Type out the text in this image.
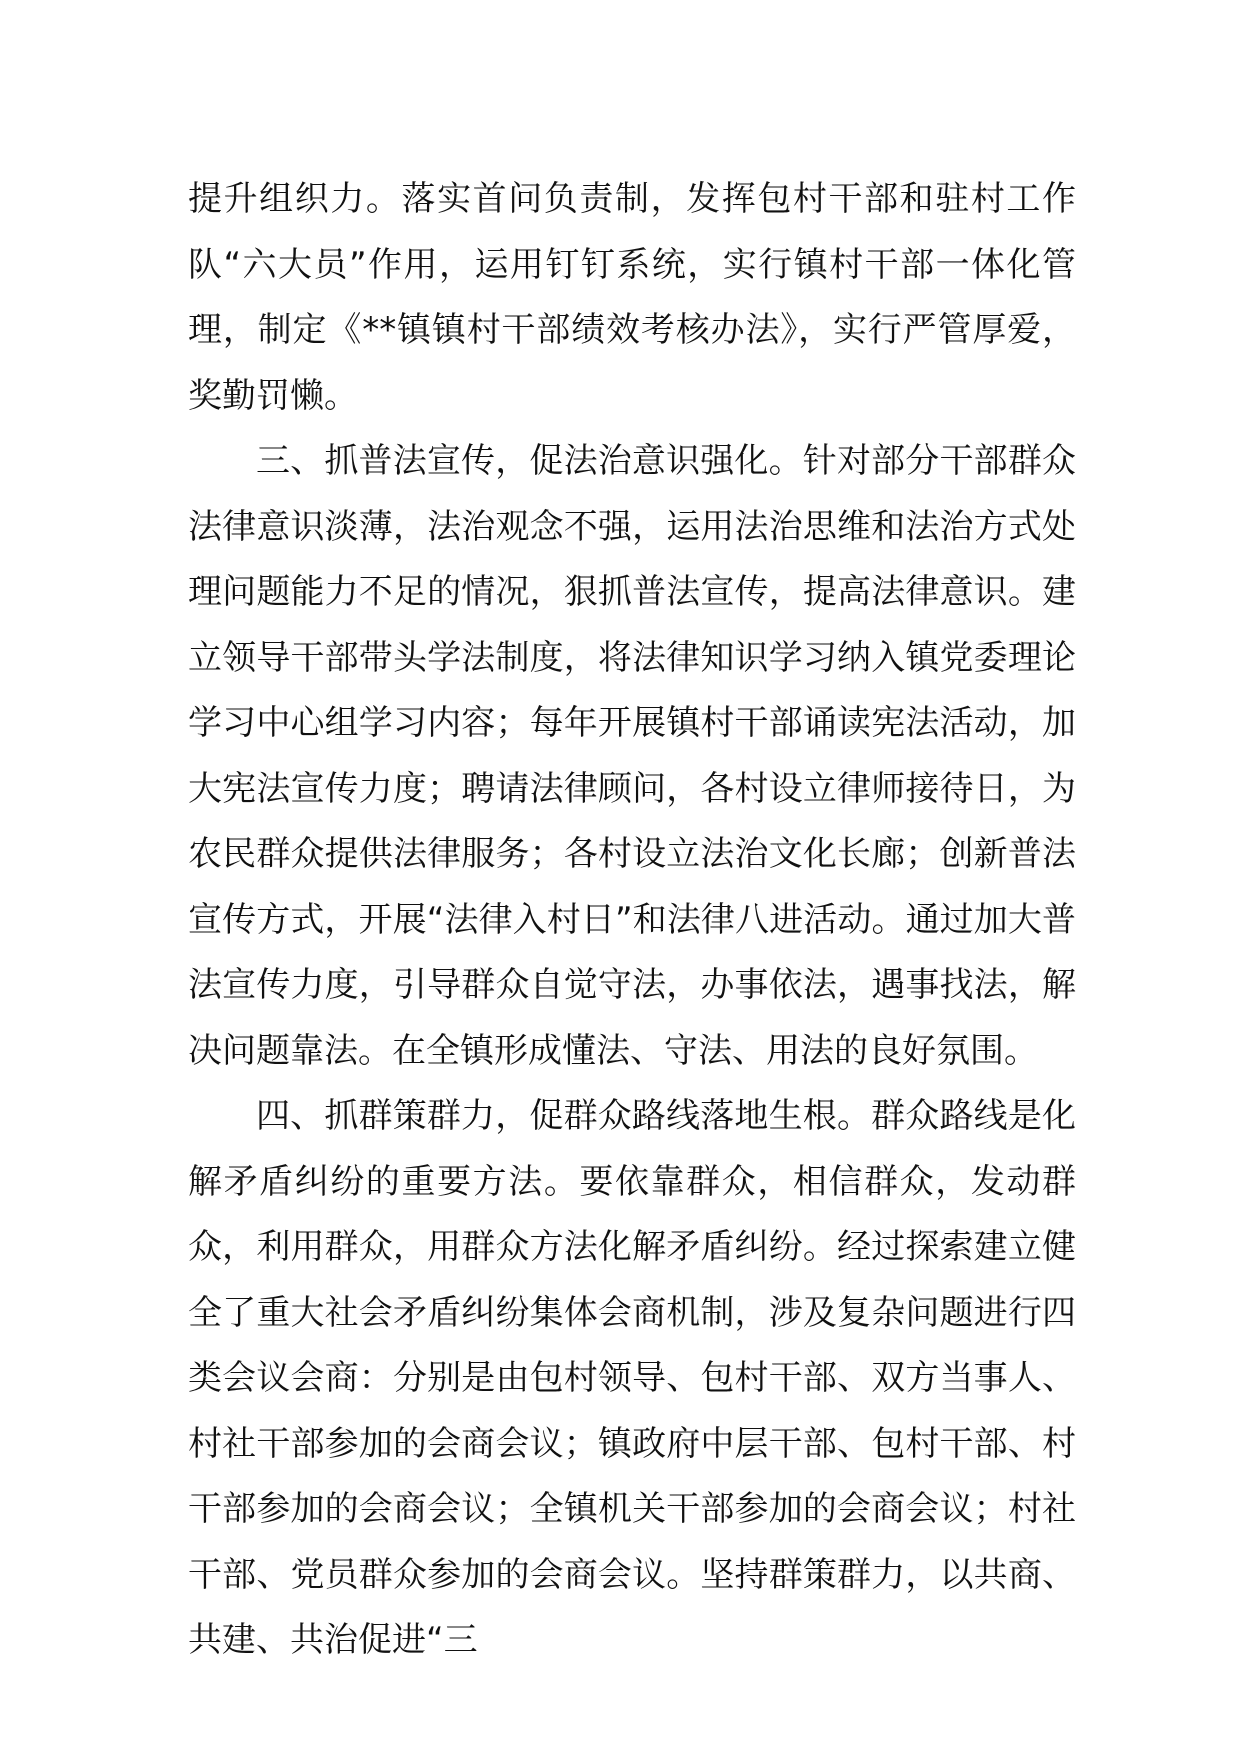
提升组织力。落实首问负责制，发挥包村干部和驻村工作队“六大员”作用，运用钉钉系统，实行镇村干部一体化管理，制定《**镇镇村干部绩效考核办法》，实行严管厚爱，奖勤罚懒。

三、抓普法宣传，促法治意识强化。针对部分干部群众法律意识淡薄，法治观念不强，运用法治思维和法治方式处理问题能力不足的情况，狠抓普法宣传，提高法律意识。建立领导干部带头学法制度，将法律知识学习纳入镇党委理论学习中心组学习内容；每年开展镇村干部诵读宪法活动，加大宪法宣传力度；聘请法律顾问，各村设立律师接待日，为农民群众提供法律服务；各村设立法治文化长廊；创新普法宣传方式，开展“法律入村日”和法律八进活动。通过加大普法宣传力度，引导群众自觉守法，办事依法，遇事找法，解决问题靠法。在全镇形成懂法、守法、用法的良好氛围。

四、抓群策群力，促群众路线落地生根。群众路线是化解矛盾纠纷的重要方法。要依靠群众，相信群众，发动群众，利用群众，用群众方法化解矛盾纠纷。经过探索建立健全了重大社会矛盾纠纷集体会商机制，涉及复杂问题进行四类会议会商：分别是由包村领导、包村干部、双方当事人、村社干部参加的会商会议；镇政府中层干部、包村干部、村干部参加的会商会议；全镇机关干部参加的会商会议；村社干部、党员群众参加的会商会议。坚持群策群力，以共商、共建、共治促进“三
